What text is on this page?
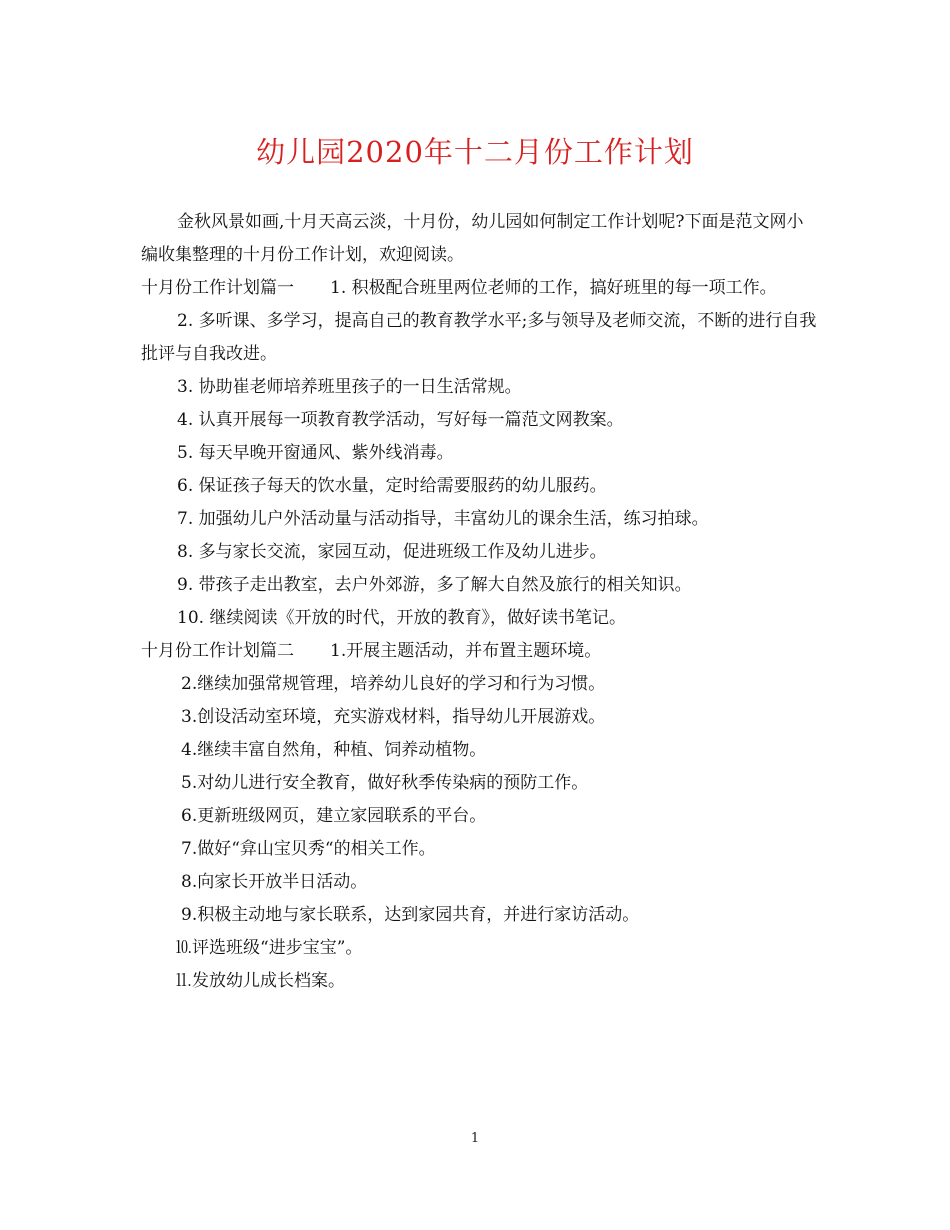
幼儿园2020年十二月份工作计划

金秋风景如画,十月天高云淡，十月份，幼儿园如何制定工作计划呢?下面是范文网小编收集整理的十月份工作计划，欢迎阅读。

十月份工作计划篇一 1. 积极配合班里两位老师的工作，搞好班里的每一项工作。

2. 多听课、多学习，提高自己的教育教学水平;多与领导及老师交流，不断的进行自我批评与自我改进。

3. 协助崔老师培养班里孩子的一日生活常规。

4. 认真开展每一项教育教学活动，写好每一篇范文网教案。

5. 每天早晚开窗通风、紫外线消毒。

6. 保证孩子每天的饮水量，定时给需要服药的幼儿服药。

7. 加强幼儿户外活动量与活动指导，丰富幼儿的课余生活，练习拍球。

8. 多与家长交流，家园互动，促进班级工作及幼儿进步。

9. 带孩子走出教室，去户外郊游，多了解大自然及旅行的相关知识。

10. 继续阅读《开放的时代，开放的教育》，做好读书笔记。

十月份工作计划篇二 1.开展主题活动，并布置主题环境。

2.继续加强常规管理，培养幼儿良好的学习和行为习惯。

3.创设活动室环境，充实游戏材料，指导幼儿开展游戏。

4.继续丰富自然角，种植、饲养动植物。

5.对幼儿进行安全教育，做好秋季传染病的预防工作。

6.更新班级网页，建立家园联系的平台。

7.做好“弇山宝贝秀“的相关工作。

8.向家长开放半日活动。

9.积极主动地与家长联系，达到家园共育，并进行家访活动。

⒑评选班级“进步宝宝”。

⒒发放幼儿成长档案。

1
